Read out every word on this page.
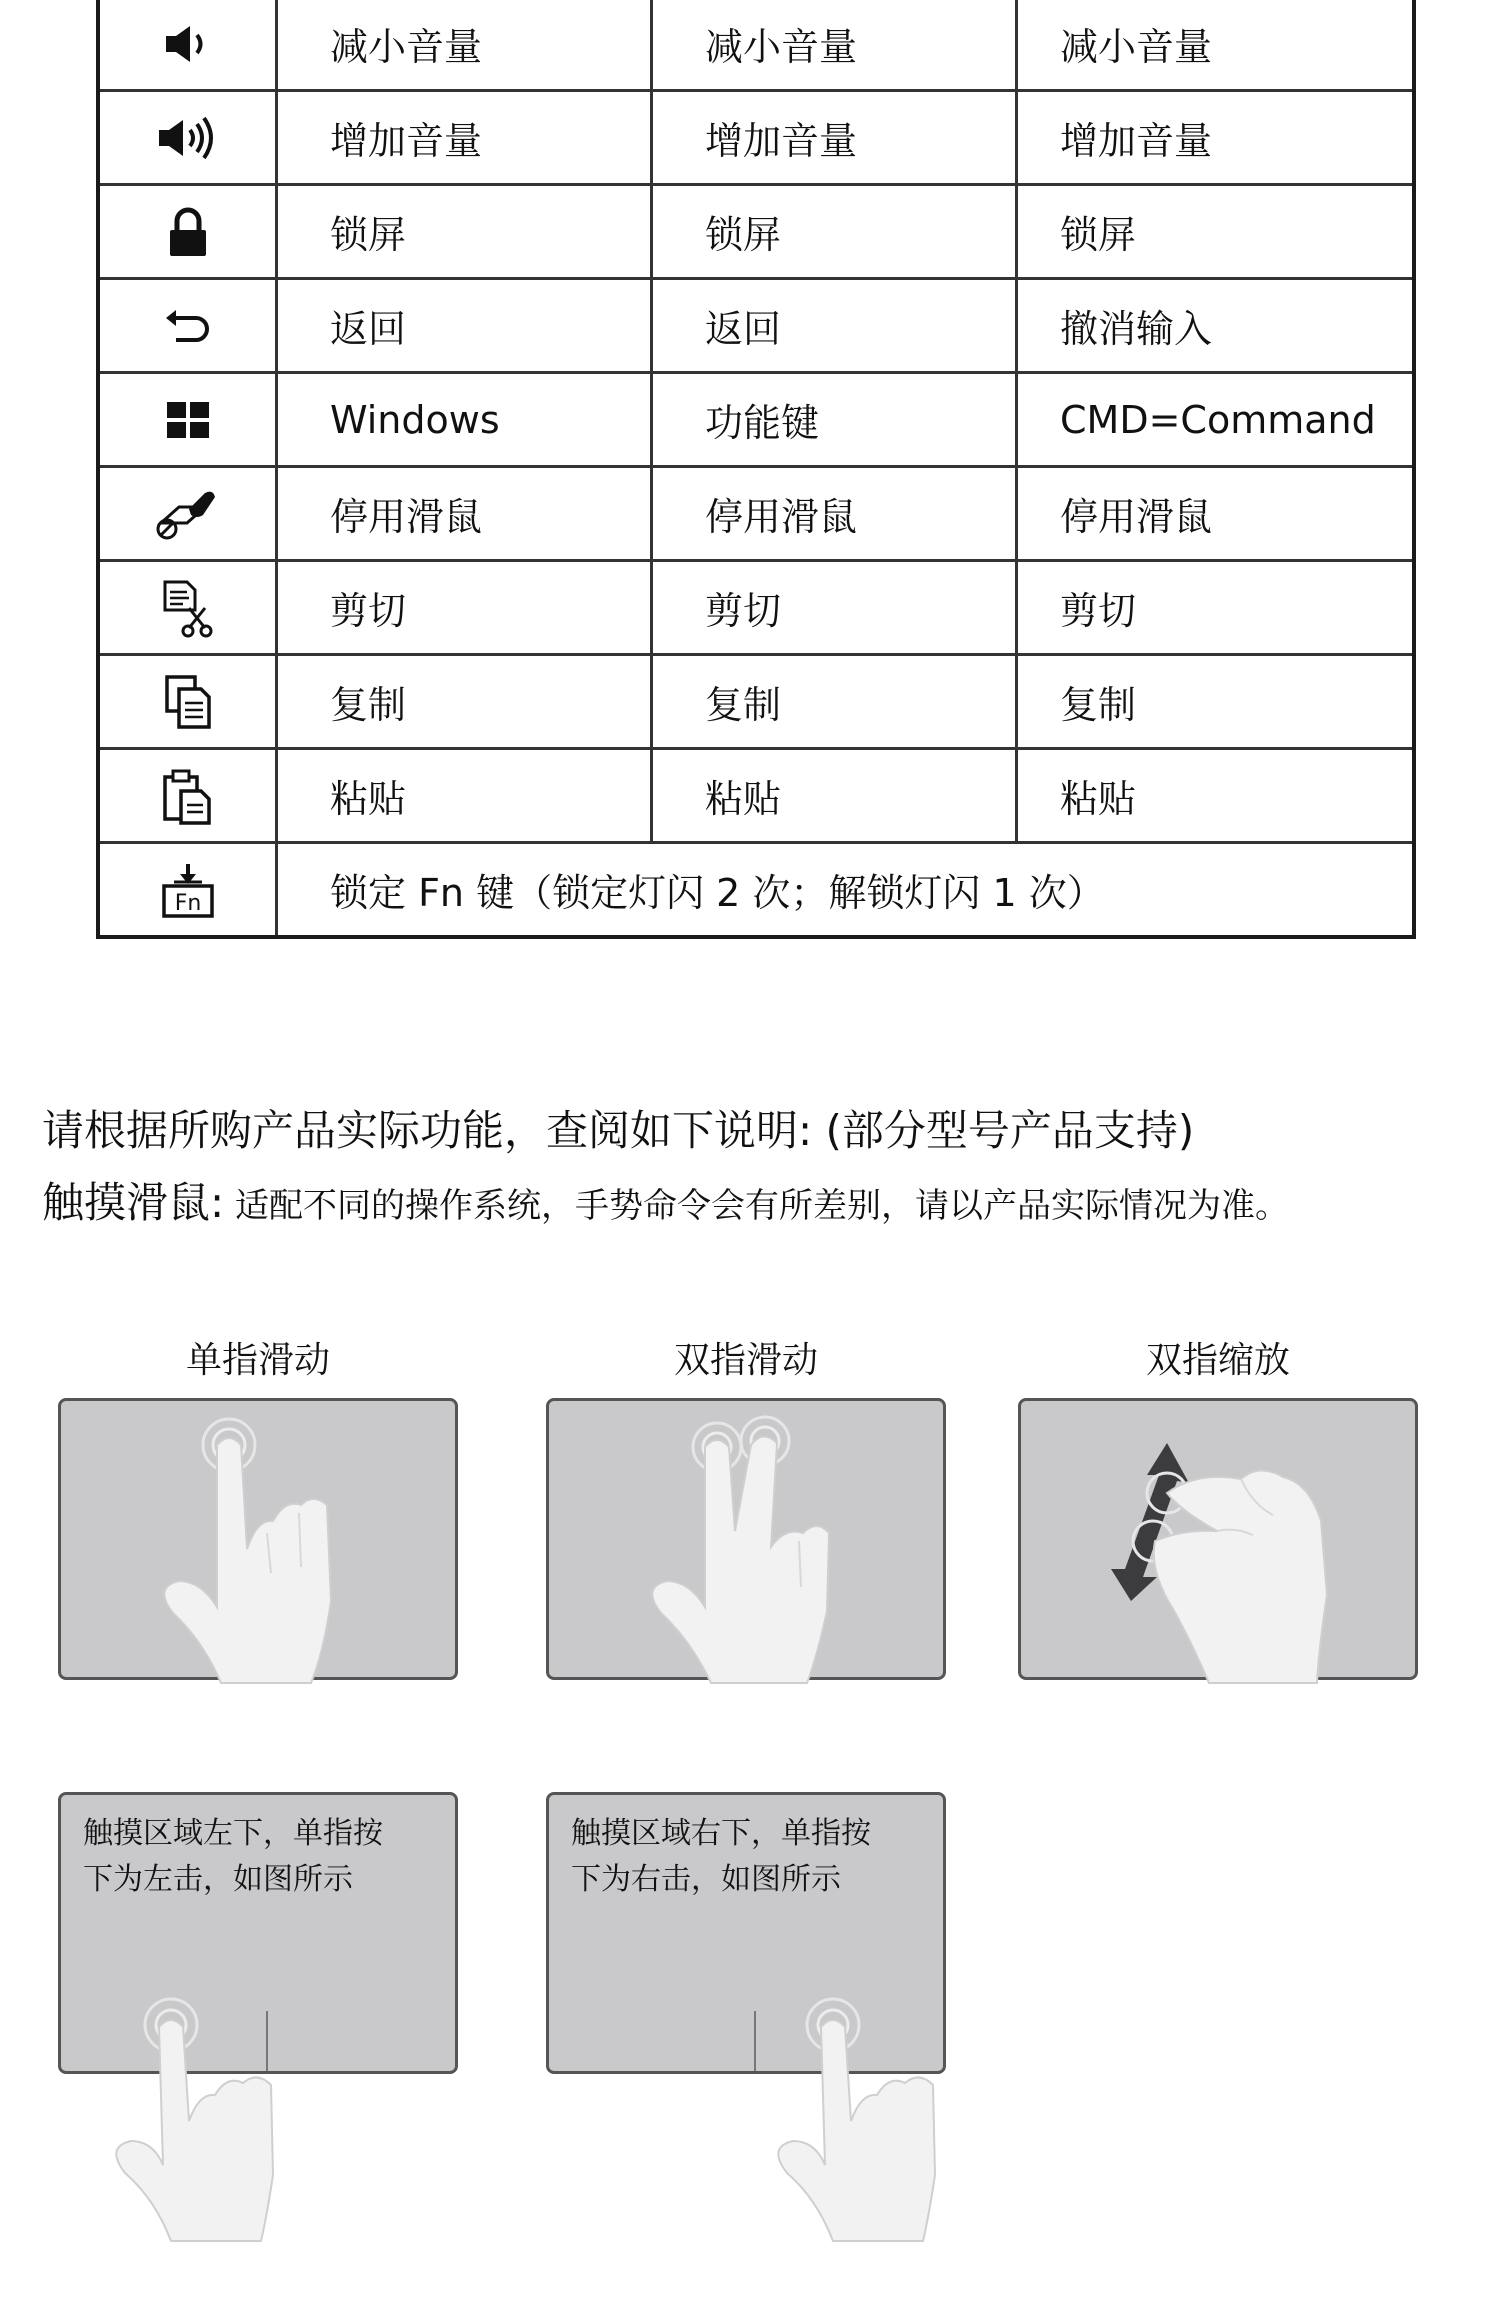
	减小音量	减小音量	减小音量

	增加音量	增加音量	增加音量

	锁屏	锁屏	锁屏

	返回	返回	撤消输入

	Windows	功能键	CMD=Command

	停用滑鼠	停用滑鼠	停用滑鼠

	剪切	剪切	剪切

	复制	复制	复制

	粘贴	粘贴	粘贴

Fn	锁定 Fn 键（锁定灯闪 2 次；解锁灯闪 1 次）		
请根据所购产品实际功能，查阅如下说明: (部分型号产品支持)
触摸滑鼠: 适配不同的操作系统，手势命令会有所差别，请以产品实际情况为准。
单指滑动	双指滑动	双指缩放
触摸区域左下，单指按
下为左击，如图所示
触摸区域右下，单指按
下为右击，如图所示
